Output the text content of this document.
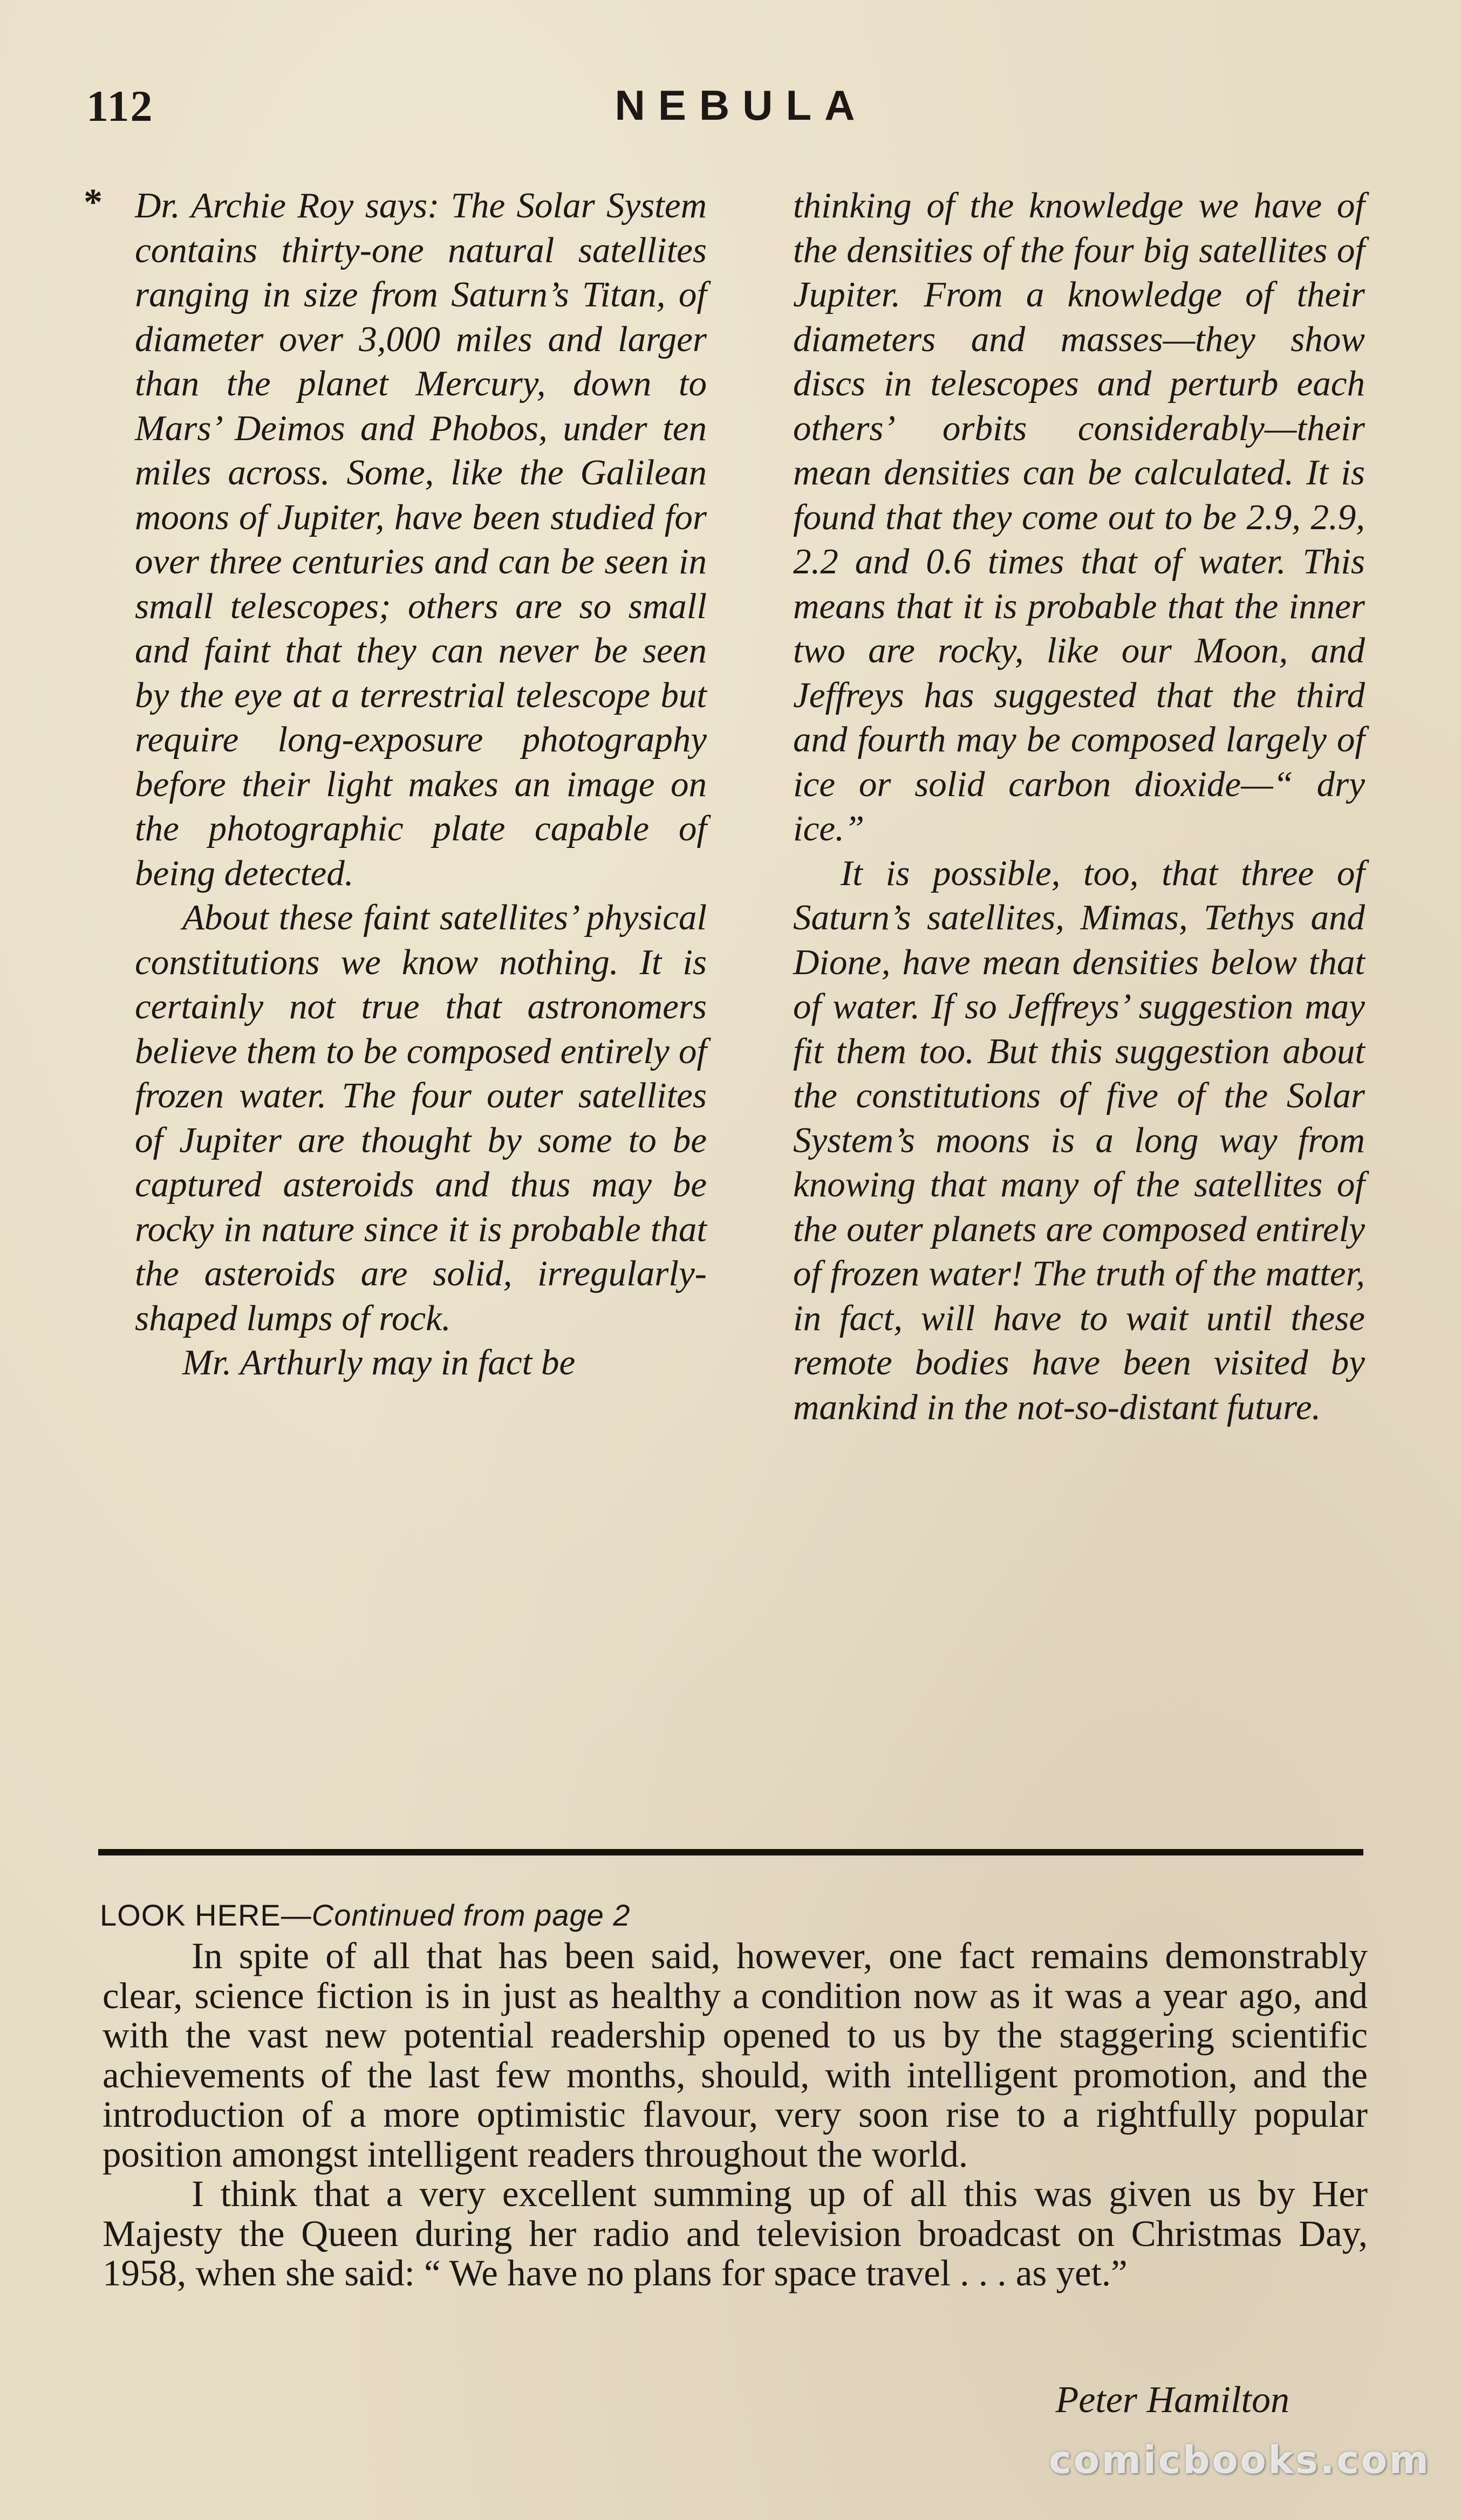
112	NEBULA
* Dr. Archie Roy says: The Solar System contains thirty-one natural satellites ranging in size from Saturn’s Titan, of diameter over 3,000 miles and larger than the planet Mercury, down to Mars’ Deimos and Phobos, under ten miles across. Some, like the Galilean moons of Jupiter, have been studied for over three centuries and can be seen in small telescopes; others are so small and faint that they can never be seen by the eye at a terrestrial telescope but require long-exposure photography before their light makes an image on the photographic plate capable of being detected.

About these faint satellites’ physical constitutions we know nothing. It is certainly not true that astronomers believe them to be composed entirely of frozen water. The four outer satellites of Jupiter are thought by some to be captured asteroids and thus may be rocky in nature since it is probable that the asteroids are solid, irregularly-shaped lumps of rock.

Mr. Arthurly may in fact be

thinking of the knowledge we have of the densities of the four big satellites of Jupiter. From a knowledge of their diameters and masses—they show discs in telescopes and perturb each others’ orbits considerably—their mean densities can be calculated. It is found that they come out to be 2.9, 2.9, 2.2 and 0.6 times that of water. This means that it is probable that the inner two are rocky, like our Moon, and Jeffreys has suggested that the third and fourth may be composed largely of ice or solid carbon dioxide—“ dry ice.”

It is possible, too, that three of Saturn’s satellites, Mimas, Tethys and Dione, have mean densities below that of water. If so Jeffreys’ suggestion may fit them too. But this suggestion about the constitutions of five of the Solar System’s moons is a long way from knowing that many of the satellites of the outer planets are composed entirely of frozen water! The truth of the matter, in fact, will have to wait until these remote bodies have been visited by mankind in the not-so-distant future.

LOOK HERE—Continued from page 2

In spite of all that has been said, however, one fact remains demonstrably clear, science fiction is in just as healthy a condition now as it was a year ago, and with the vast new potential readership opened to us by the staggering scientific achievements of the last few months, should, with intelligent promotion, and the introduction of a more optimistic flavour, very soon rise to a rightfully popular position amongst intelligent readers throughout the world.

I think that a very excellent summing up of all this was given us by Her Majesty the Queen during her radio and television broadcast on Christmas Day, 1958, when she said: “ We have no plans for space travel . . . as yet.”

Peter Hamilton
comicbooks.com
